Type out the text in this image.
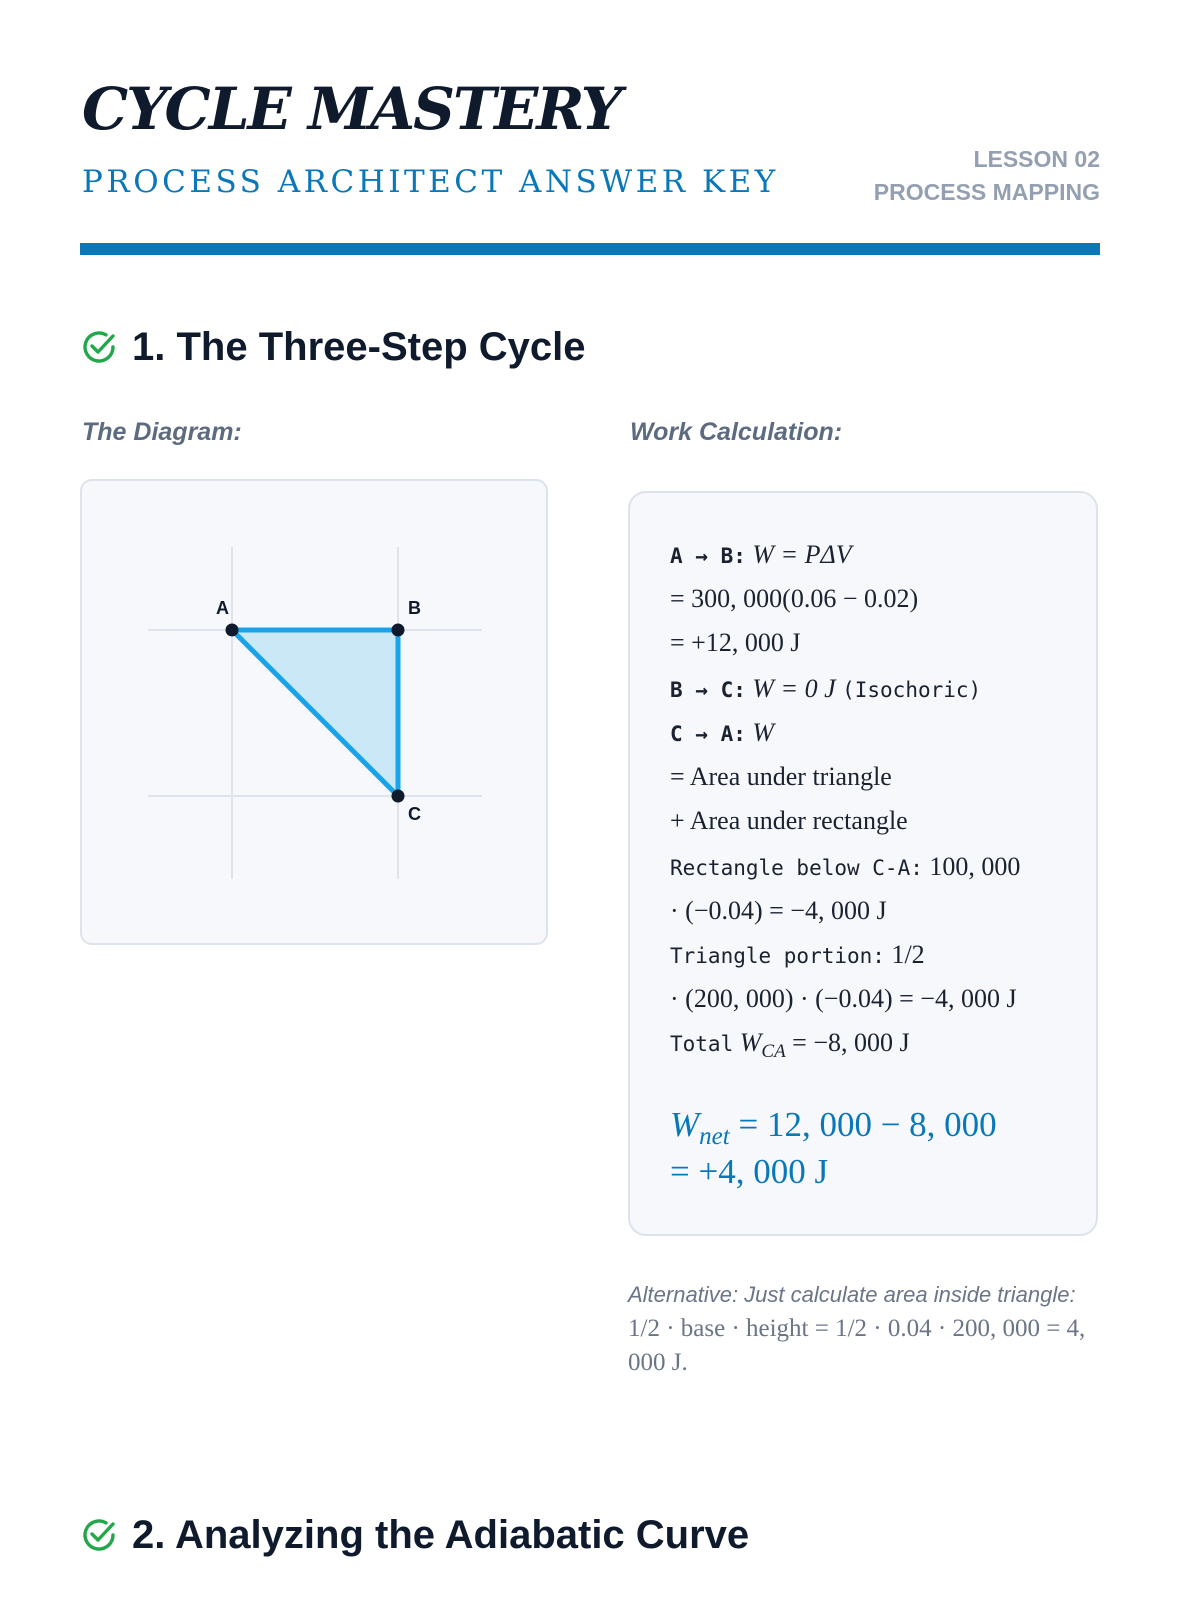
CYCLE MASTERY
PROCESS ARCHITECT ANSWER KEY
LESSON 02
PROCESS MAPPING
1. The Three-Step Cycle
The Diagram:	Work Calculation:
A	B
C
A → B: W = PΔV
= 300, 000(0.06 − 0.02)
= +12, 000 J
B → C: W = 0 J (Isochoric)
C → A: W
= Area under triangle
+ Area under rectangle
Rectangle below C-A: 100, 000
· (−0.04) = −4, 000 J
Triangle portion: 1/2
· (200, 000) · (−0.04) = −4, 000 J
Total $W_{CA} = -8$, 000 J
$W_{net} = 12$, 000 − 8, 000
= +4, 000 J
Alternative: Just calculate area inside triangle: 1/2 · base · height = 1/2 · 0.04 · 200, 000 = 4, 000 J.
2. Analyzing the Adiabatic Curve
